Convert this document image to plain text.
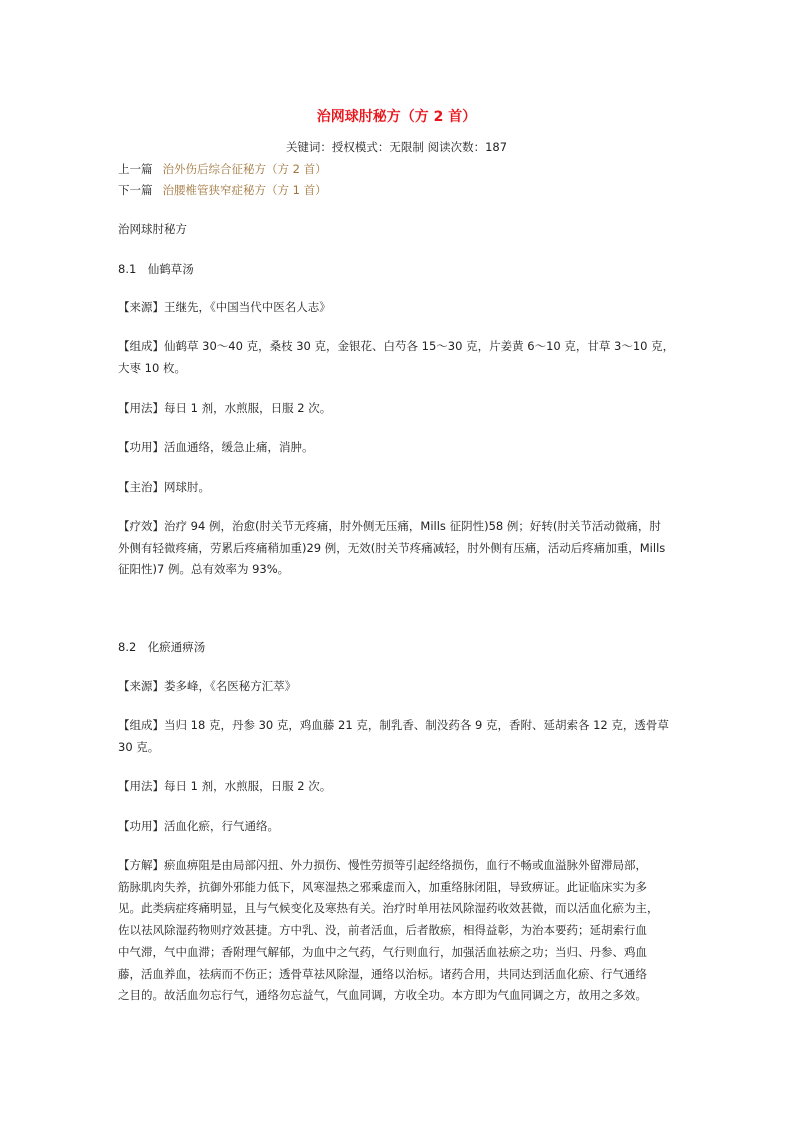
治网球肘秘方（方 2 首）
关键词：授权模式：无限制 阅读次数：187
上一篇 治外伤后综合征秘方（方 2 首）
下一篇 治腰椎管狭窄症秘方（方 1 首）
治网球肘秘方
8.1　仙鹤草汤
【来源】王继先，《中国当代中医名人志》
【组成】仙鹤草 30～40 克，桑枝 30 克，金银花、白芍各 15～30 克，片姜黄 6～10 克，甘草 3～10 克，
大枣 10 枚。
【用法】每日 1 剂，水煎服，日服 2 次。
【功用】活血通络，缓急止痛，消肿。
【主治】网球肘。
【疗效】治疗 94 例，治愈(肘关节无疼痛，肘外侧无压痛，Mills 征阴性)58 例；好转(肘关节活动微痛，肘
外侧有轻微疼痛，劳累后疼痛稍加重)29 例，无效(肘关节疼痛减轻，肘外侧有压痛，活动后疼痛加重，Mills
征阳性)7 例。总有效率为 93%。
8.2　化瘀通痹汤
【来源】娄多峰，《名医秘方汇萃》
【组成】当归 18 克，丹参 30 克，鸡血藤 21 克，制乳香、制没药各 9 克，香附、延胡索各 12 克，透骨草
30 克。
【用法】每日 1 剂，水煎服，日服 2 次。
【功用】活血化瘀，行气通络。
【方解】瘀血痹阻是由局部闪扭、外力损伤、慢性劳损等引起经络损伤，血行不畅或血溢脉外留滞局部，
筋脉肌肉失养，抗御外邪能力低下，风寒湿热之邪乘虚而入，加重络脉闭阻，导致痹证。此证临床实为多
见。此类病症疼痛明显，且与气候变化及寒热有关。治疗时单用祛风除湿药收效甚微，而以活血化瘀为主，
佐以祛风除湿药物则疗效甚捷。方中乳、没，前者活血，后者散瘀，相得益彰，为治本要药；延胡索行血
中气滞，气中血滞；香附理气解郁，为血中之气药，气行则血行，加强活血祛瘀之功；当归、丹参、鸡血
藤，活血养血，祛病而不伤正；透骨草祛风除湿，通络以治标。诸药合用，共同达到活血化瘀、行气通络
之目的。故活血勿忘行气，通络勿忘益气，气血同调，方收全功。本方即为气血同调之方，故用之多效。
